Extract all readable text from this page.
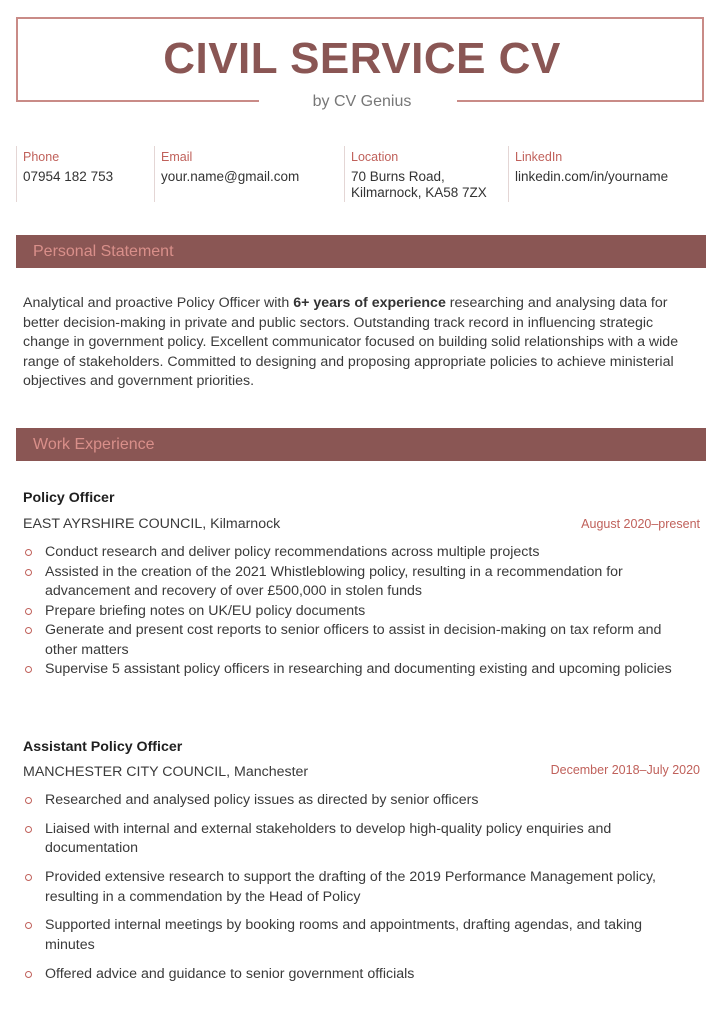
CIVIL SERVICE CV
by CV Genius
Phone
07954 182 753
Email
your.name@gmail.com
Location
70 Burns Road,
Kilmarnock, KA58 7ZX
LinkedIn
linkedin.com/in/yourname
Personal Statement
Analytical and proactive Policy Officer with 6+ years of experience researching and analysing data for better decision-making in private and public sectors. Outstanding track record in influencing strategic change in government policy. Excellent communicator focused on building solid relationships with a wide range of stakeholders. Committed to designing and proposing appropriate policies to achieve ministerial objectives and government priorities.
Work Experience
Policy Officer
EAST AYRSHIRE COUNCIL, Kilmarnock	August 2020–present
Conduct research and deliver policy recommendations across multiple projects
Assisted in the creation of the 2021 Whistleblowing policy, resulting in a recommendation for advancement and recovery of over £500,000 in stolen funds
Prepare briefing notes on UK/EU policy documents
Generate and present cost reports to senior officers to assist in decision-making on tax reform and other matters
Supervise 5 assistant policy officers in researching and documenting existing and upcoming policies
Assistant Policy Officer
MANCHESTER CITY COUNCIL, Manchester	December 2018–July 2020
Researched and analysed policy issues as directed by senior officers
Liaised with internal and external stakeholders to develop high-quality policy enquiries and documentation
Provided extensive research to support the drafting of the 2019 Performance Management policy, resulting in a commendation by the Head of Policy
Supported internal meetings by booking rooms and appointments, drafting agendas, and taking minutes
Offered advice and guidance to senior government officials
